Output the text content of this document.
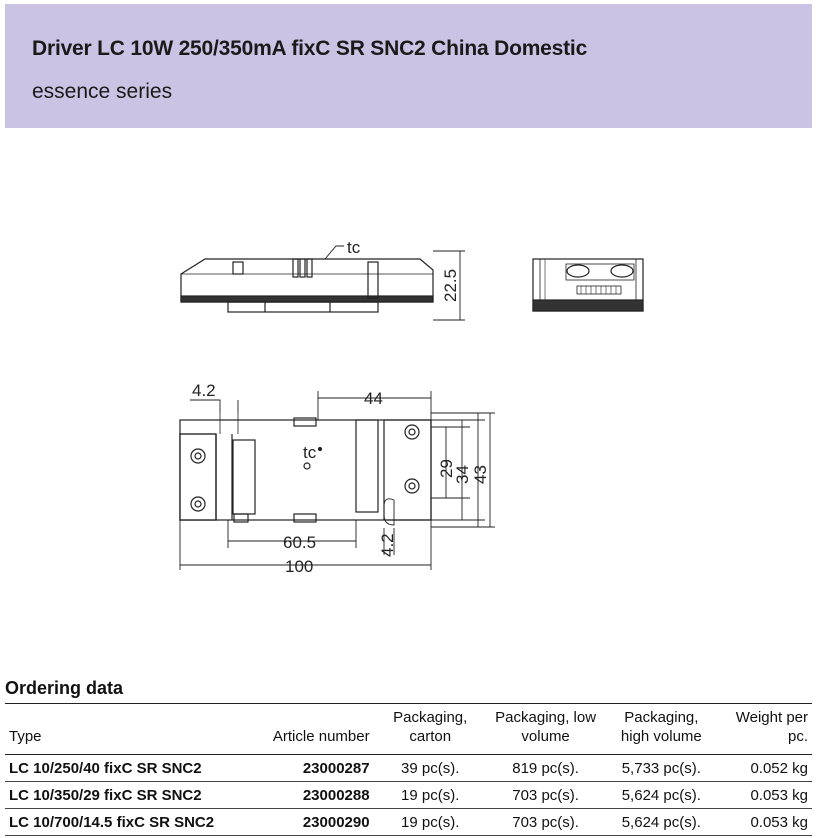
Driver LC 10W 250/350mA fixC SR SNC2 China Domestic
essence series
tc
22.5
4.2	44
tc
29
34 43
60.5	4.2
100
Ordering data
Type	Article number	Packaging, carton	Packaging, low volume	Packaging, high volume	Weight per pc.
LC 10/250/40 fixC SR SNC2	23000287	39 pc(s).	819 pc(s).	5,733 pc(s).	0.052 kg
LC 10/350/29 fixC SR SNC2	23000288	19 pc(s).	703 pc(s).	5,624 pc(s).	0.053 kg
LC 10/700/14.5 fixC SR SNC2	23000290	19 pc(s).	703 pc(s).	5,624 pc(s).	0.053 kg
